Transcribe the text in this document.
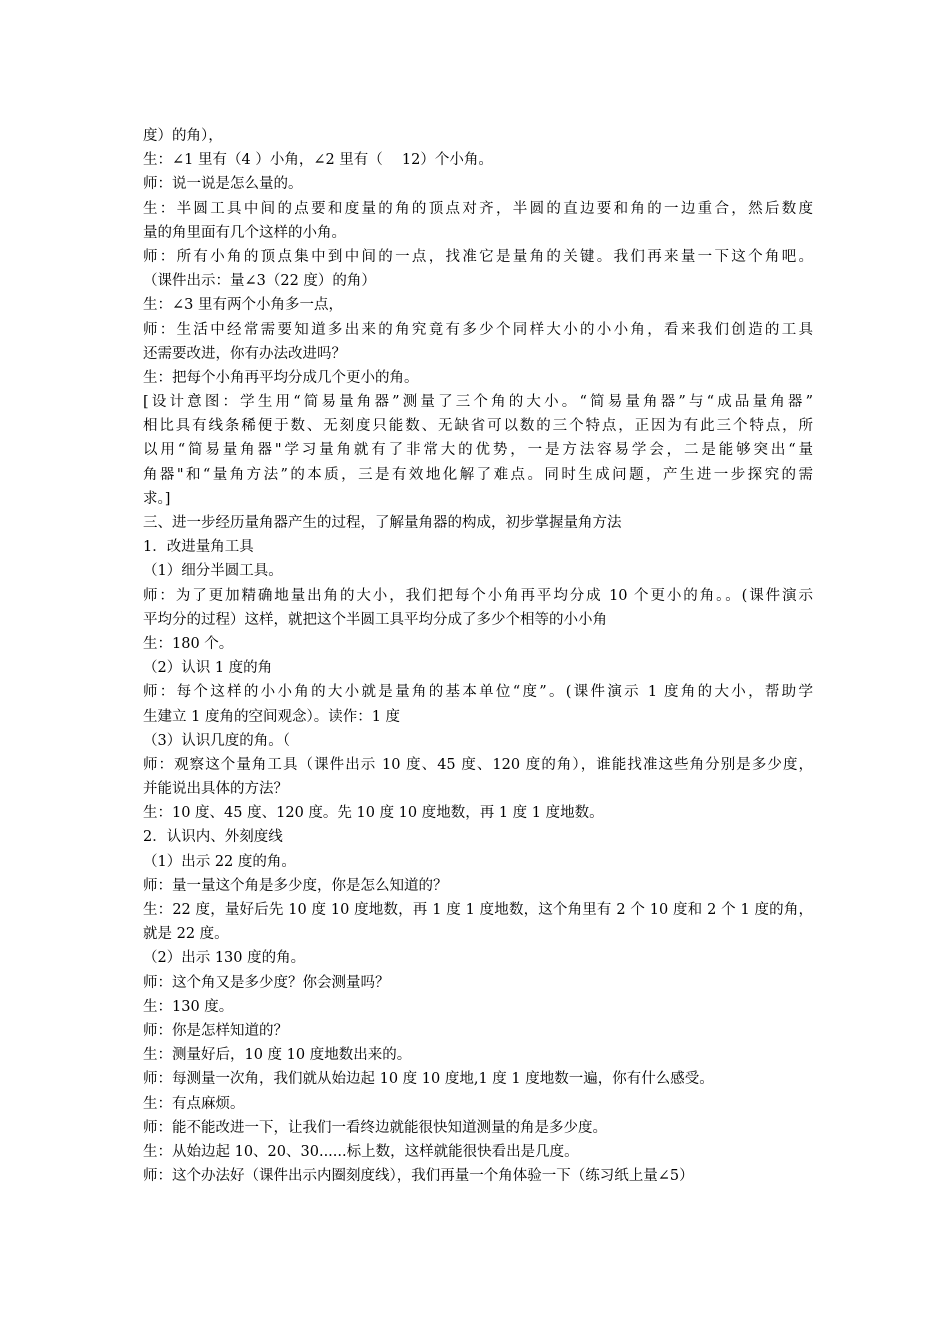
度）的角），
生：∠1 里有（4 ）小角，∠2 里有（　 12）个小角。
师：说一说是怎么量的。
生：半圆工具中间的点要和度量的角的顶点对齐，半圆的直边要和角的一边重合，然后数度
量的角里面有几个这样的小角。
师：所有小角的顶点集中到中间的一点，找准它是量角的关键。我们再来量一下这个角吧。
（课件出示：量∠3（22 度）的角）
生：∠3 里有两个小角多一点，
师：生活中经常需要知道多出来的角究竟有多少个同样大小的小小角，看来我们创造的工具
还需要改进，你有办法改进吗？
生：把每个小角再平均分成几个更小的角。
[设计意图：学生用“简易量角器”测量了三个角的大小。“简易量角器”与“成品量角器”
相比具有线条稀便于数、无刻度只能数、无缺省可以数的三个特点，正因为有此三个特点，所
以用“简易量角器"学习量角就有了非常大的优势，一是方法容易学会，二是能够突出“量
角器"和“量角方法”的本质，三是有效地化解了难点。同时生成问题，产生进一步探究的需
求。]
三、进一步经历量角器产生的过程，了解量角器的构成，初步掌握量角方法
1．改进量角工具
（1）细分半圆工具。
师：为了更加精确地量出角的大小，我们把每个小角再平均分成 10 个更小的角。。(课件演示
平均分的过程）这样，就把这个半圆工具平均分成了多少个相等的小小角
生：180 个。
（2）认识 1 度的角
师：每个这样的小小角的大小就是量角的基本单位“度”。(课件演示 1 度角的大小，帮助学
生建立 1 度角的空间观念）。读作：1 度
（3）认识几度的角。（
师：观察这个量角工具（课件出示 10 度、45 度、120 度的角），谁能找准这些角分别是多少度，
并能说出具体的方法？
生：10 度、45 度、120 度。先 10 度 10 度地数，再 1 度 1 度地数。
2．认识内、外刻度线
（1）出示 22 度的角。
师：量一量这个角是多少度，你是怎么知道的？
生：22 度，量好后先 10 度 10 度地数，再 1 度 1 度地数，这个角里有 2 个 10 度和 2 个 1 度的角，
就是 22 度。
（2）出示 130 度的角。
师：这个角又是多少度？你会测量吗？
生：130 度。
师：你是怎样知道的？
生：测量好后，10 度 10 度地数出来的。
师：每测量一次角，我们就从始边起 10 度 10 度地,1 度 1 度地数一遍，你有什么感受。
生：有点麻烦。
师：能不能改进一下，让我们一看终边就能很快知道测量的角是多少度。
生：从始边起 10、20、30......标上数，这样就能很快看出是几度。
师：这个办法好（课件出示内圈刻度线），我们再量一个角体验一下（练习纸上量∠5）
